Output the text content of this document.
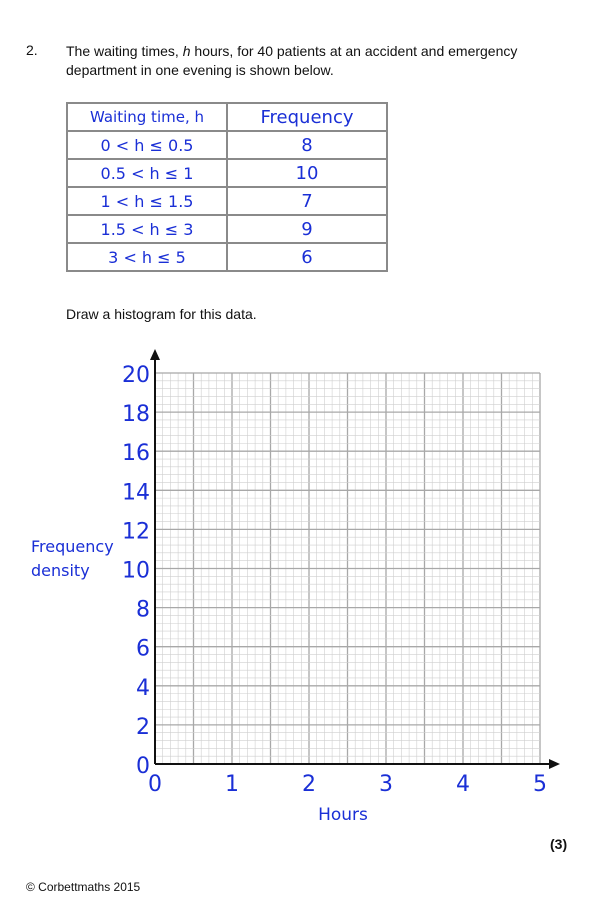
2. The waiting times, h hours, for 40 patients at an accident and emergency department in one evening is shown below.
Waiting time, h	Frequency
0 < h ≤ 0.5	8
0.5 < h ≤ 1	10
1 < h ≤ 1.5	7
1.5 < h ≤ 3	9
3 < h ≤ 5	6
Draw a histogram for this data.
0
2
4
6
8
10
12
14
16
18
20
0	1	2	3	4	5
Frequency
density
Hours
(3)
© Corbettmaths 2015
